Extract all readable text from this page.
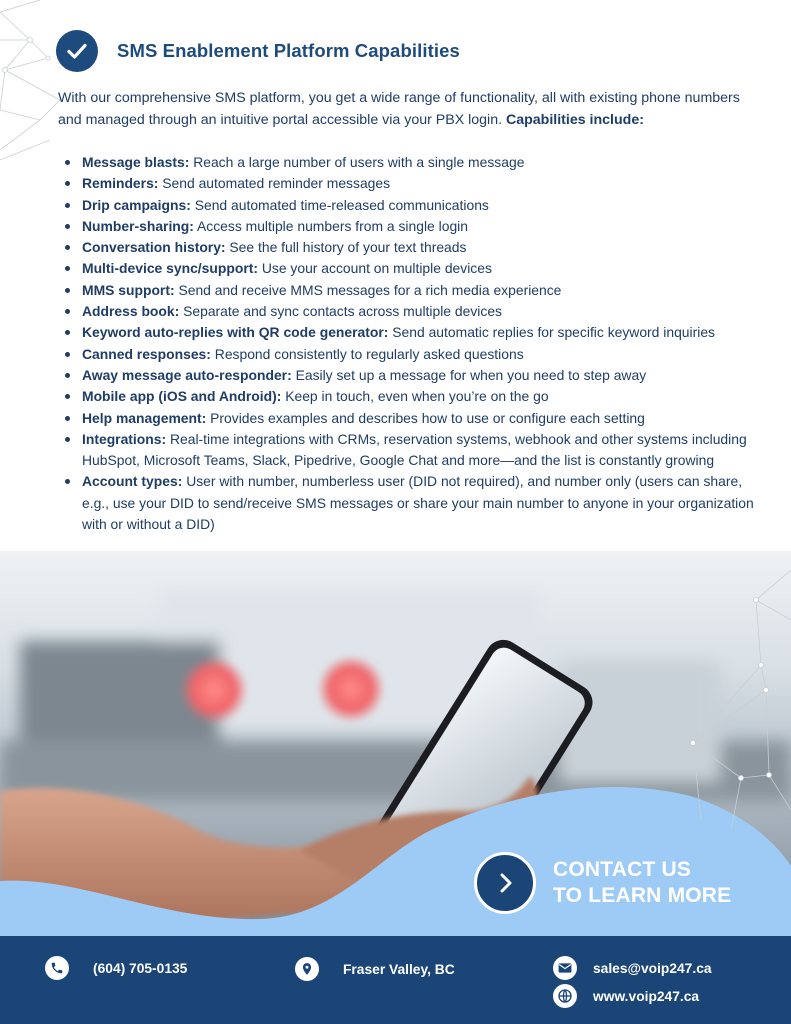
SMS Enablement Platform Capabilities

With our comprehensive SMS platform, you get a wide range of functionality, all with existing phone numbers and managed through an intuitive portal accessible via your PBX login. Capabilities include:

Message blasts: Reach a large number of users with a single message
Reminders: Send automated reminder messages
Drip campaigns: Send automated time-released communications
Number-sharing: Access multiple numbers from a single login
Conversation history: See the full history of your text threads
Multi-device sync/support: Use your account on multiple devices
MMS support: Send and receive MMS messages for a rich media experience
Address book: Separate and sync contacts across multiple devices
Keyword auto-replies with QR code generator: Send automatic replies for specific keyword inquiries
Canned responses: Respond consistently to regularly asked questions
Away message auto-responder: Easily set up a message for when you need to step away
Mobile app (iOS and Android): Keep in touch, even when you’re on the go
Help management: Provides examples and describes how to use or configure each setting
Integrations: Real-time integrations with CRMs, reservation systems, webhook and other systems including HubSpot, Microsoft Teams, Slack, Pipedrive, Google Chat and more—and the list is constantly growing
Account types: User with number, numberless user (DID not required), and number only (users can share, e.g., use your DID to send/receive SMS messages or share your main number to anyone in your organization with or without a DID)
CONTACT US
TO LEARN MORE
(604) 705-0135	Fraser Valley, BC	sales@voip247.ca
www.voip247.ca
